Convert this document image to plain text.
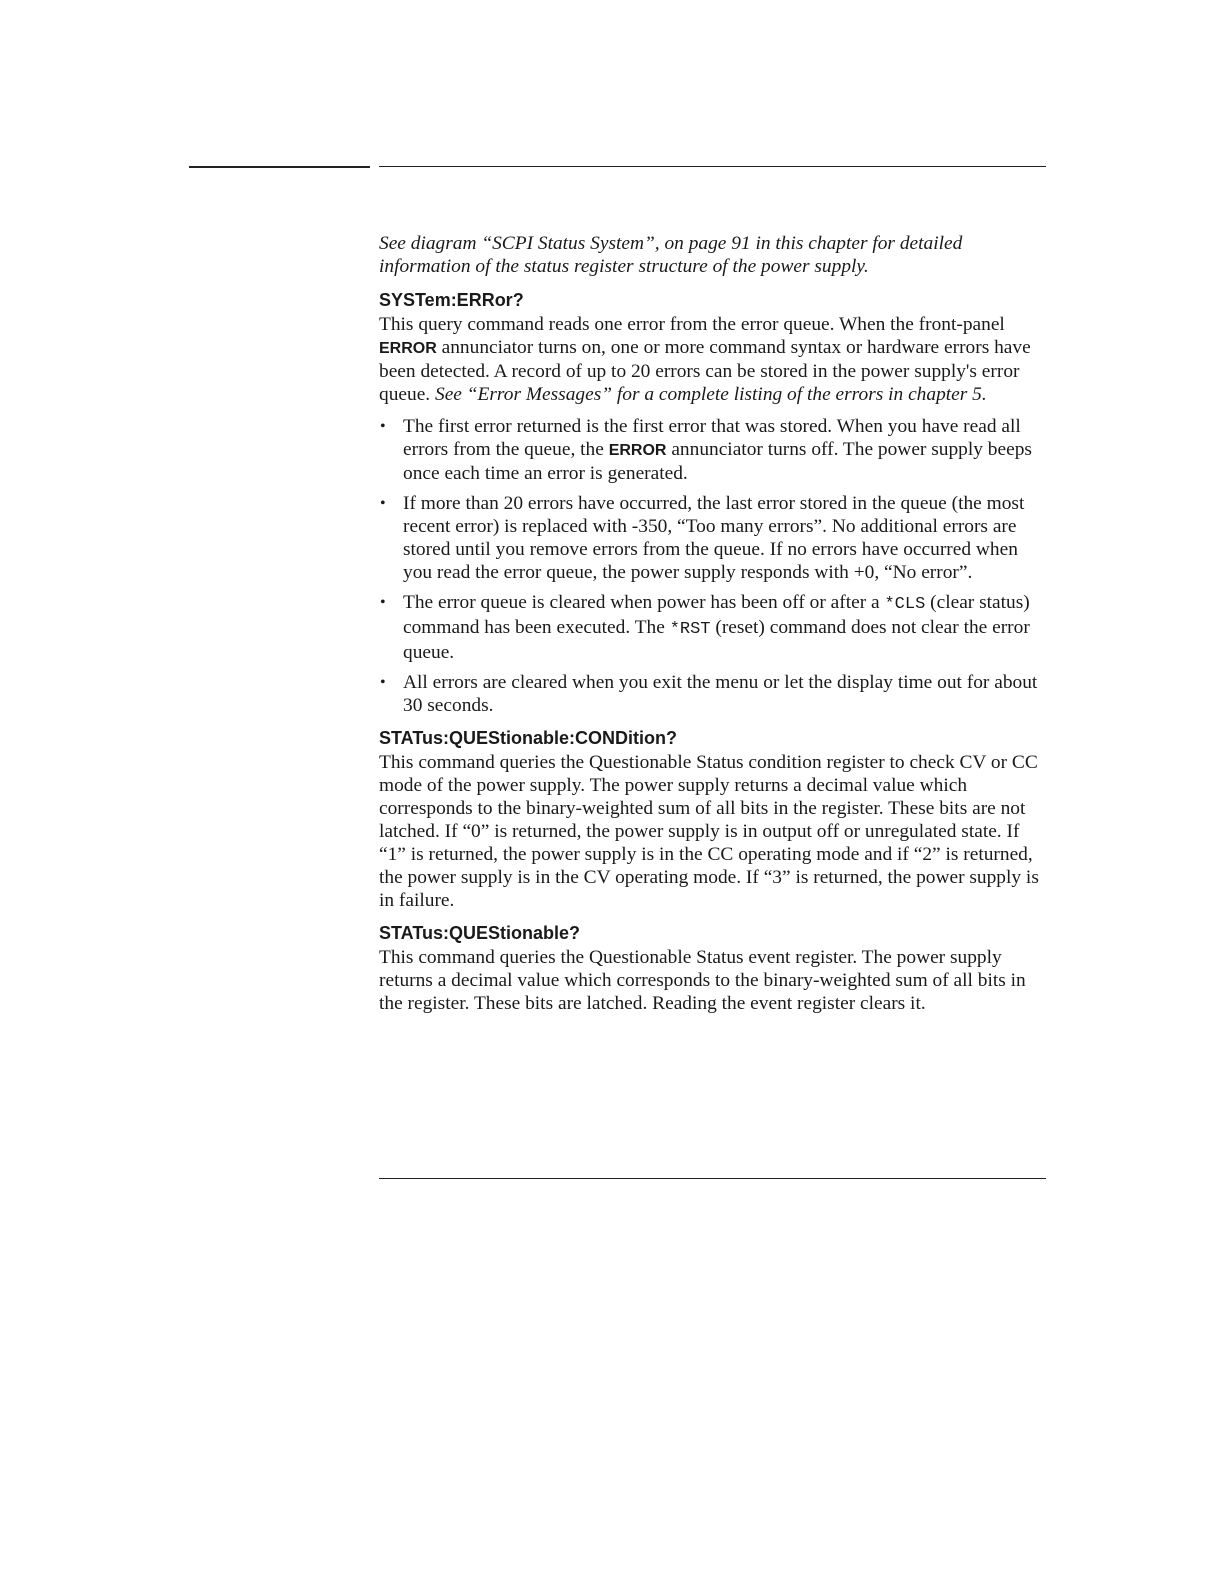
See diagram “SCPI Status System”, on page 91 in this chapter for detailed information of the status register structure of the power supply.

SYSTem:ERRor?

This query command reads one error from the error queue. When the front-panel ERROR annunciator turns on, one or more command syntax or hardware errors have been detected. A record of up to 20 errors can be stored in the power supply's error queue. See “Error Messages” for a complete listing of the errors in chapter 5.

• The first error returned is the first error that was stored. When you have read all errors from the queue, the ERROR annunciator turns off. The power supply beeps once each time an error is generated.
• If more than 20 errors have occurred, the last error stored in the queue (the most recent error) is replaced with -350, “Too many errors”. No additional errors are stored until you remove errors from the queue. If no errors have occurred when you read the error queue, the power supply responds with +0, “No error”.
• The error queue is cleared when power has been off or after a *CLS (clear status) command has been executed. The *RST (reset) command does not clear the error queue.
• All errors are cleared when you exit the menu or let the display time out for about 30 seconds.
STATus:QUEStionable:CONDition?

This command queries the Questionable Status condition register to check CV or CC mode of the power supply. The power supply returns a decimal value which corresponds to the binary-weighted sum of all bits in the register. These bits are not latched. If “0” is returned, the power supply is in output off or unregulated state. If “1” is returned, the power supply is in the CC operating mode and if “2” is returned, the power supply is in the CV operating mode. If “3” is returned, the power supply is in failure.

STATus:QUEStionable?

This command queries the Questionable Status event register. The power supply returns a decimal value which corresponds to the binary-weighted sum of all bits in the register. These bits are latched. Reading the event register clears it.
